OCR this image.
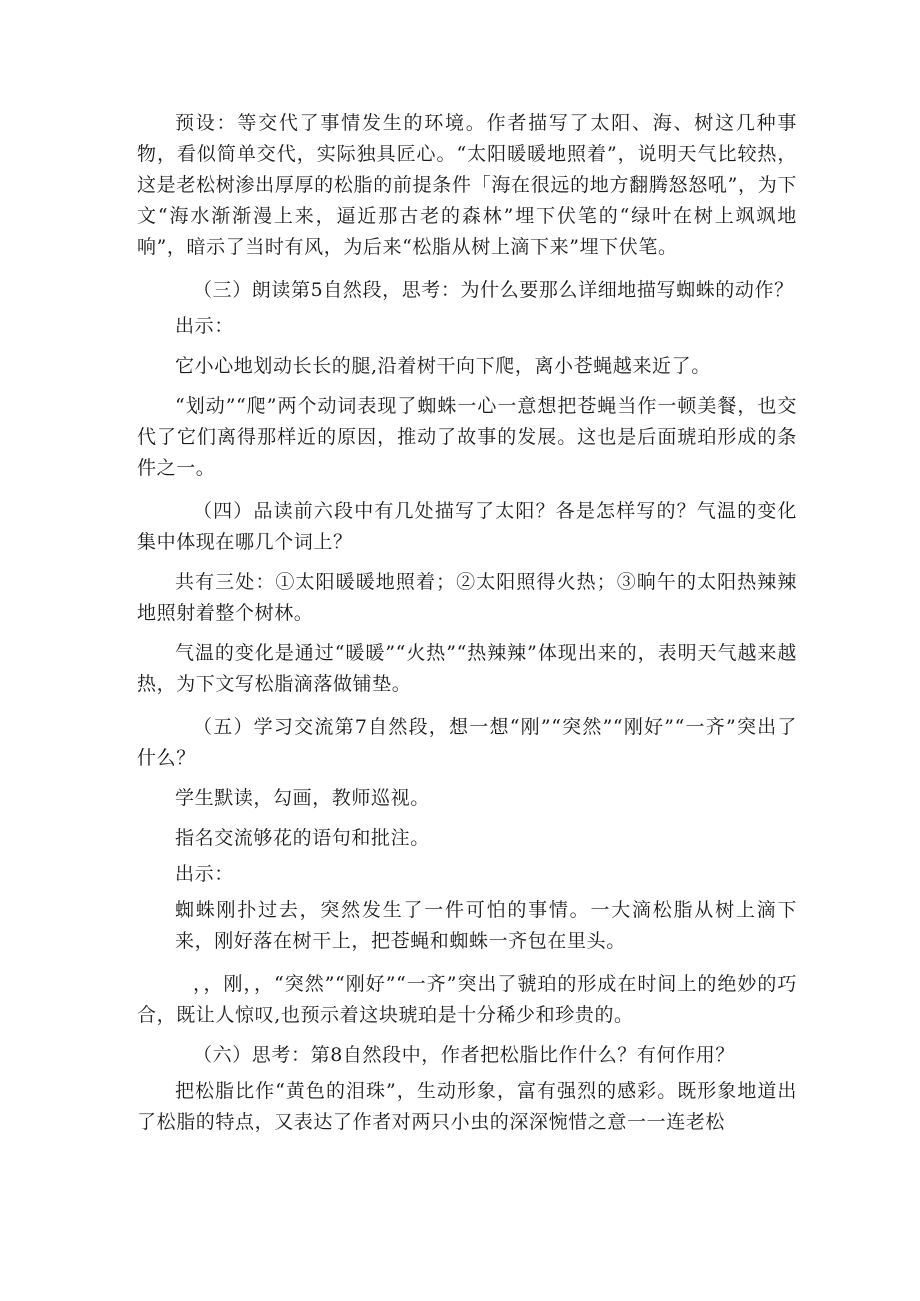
预设：等交代了事情发生的环境。作者描写了太阳、海、树这几种事物，看似简单交代，实际独具匠心。“太阳暖暖地照着”，说明天气比较热，这是老松树渗出厚厚的松脂的前提条件「海在很远的地方翻腾怒怒吼”，为下文“海水渐渐漫上来，逼近那古老的森林”埋下伏笔的“绿叶在树上飒飒地响”，暗示了当时有风，为后来“松脂从树上滴下来”埋下伏笔。

（三）朗读第5自然段，思考：为什么要那么详细地描写蜘蛛的动作？

出示：

它小心地划动长长的腿,沿着树干向下爬，离小苍蝇越来近了。

“划动”“爬”两个动词表现了蜘蛛一心一意想把苍蝇当作一顿美餐，也交代了它们离得那样近的原因，推动了故事的发展。这也是后面琥珀形成的条件之一。

（四）品读前六段中有几处描写了太阳？各是怎样写的？气温的变化集中体现在哪几个词上？

共有三处：①太阳暖暖地照着；②太阳照得火热；③晌午的太阳热辣辣地照射着整个树林。

气温的变化是通过“暖暖”“火热”“热辣辣”体现出来的，表明天气越来越热，为下文写松脂滴落做铺垫。

（五）学习交流第7自然段，想一想“刚”“突然”“刚好”“一齐”突出了什么？

学生默读，勾画，教师巡视。

指名交流够花的语句和批注。

出示：

蜘蛛刚扑过去，突然发生了一件可怕的事情。一大滴松脂从树上滴下来，刚好落在树干上，把苍蝇和蜘蛛一齐包在里头。

，，刚，，“突然”“刚好”“一齐”突出了虢珀的形成在时间上的绝妙的巧合，既让人惊叹,也预示着这块琥珀是十分稀少和珍贵的。

（六）思考：第8自然段中，作者把松脂比作什么？有何作用？

把松脂比作“黄色的泪珠”，生动形象，富有强烈的感彩。既形象地道出了松脂的特点，又表达了作者对两只小虫的深深惋惜之意一一连老松
